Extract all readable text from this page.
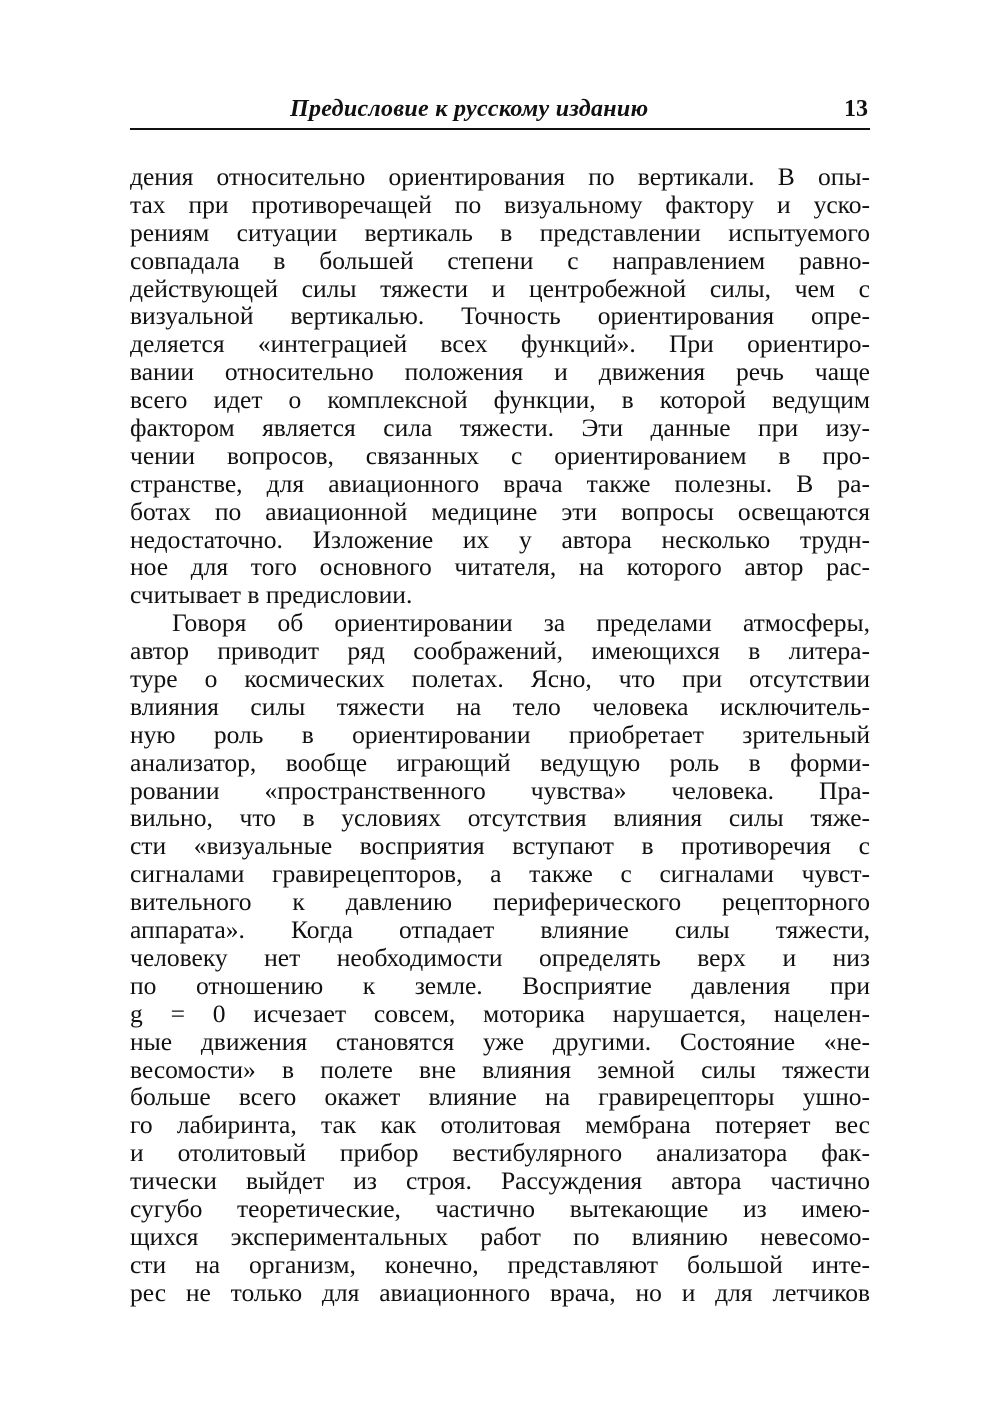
Предисловие к русскому изданию	13
дения относительно ориентирования по вертикали. В опы-
тах при противоречащей по визуальному фактору и уско-
рениям ситуации вертикаль в представлении испытуемого
совпадала в большей степени с направлением равно-
действующей силы тяжести и центробежной силы, чем с
визуальной вертикалью. Точность ориентирования опре-
деляется «интеграцией всех функций». При ориентиро-
вании относительно положения и движения речь чаще
всего идет о комплексной функции, в которой ведущим
фактором является сила тяжести. Эти данные при изу-
чении вопросов, связанных с ориентированием в про-
странстве, для авиационного врача также полезны. В ра-
ботах по авиационной медицине эти вопросы освещаются
недостаточно. Изложение их у автора несколько трудн-
ное для того основного читателя, на которого автор рас-
считывает в предисловии.
Говоря об ориентировании за пределами атмосферы,
автор приводит ряд соображений, имеющихся в литера-
туре о космических полетах. Ясно, что при отсутствии
влияния силы тяжести на тело человека исключитель-
ную роль в ориентировании приобретает зрительный
анализатор, вообще играющий ведущую роль в форми-
ровании «пространственного чувства» человека. Пра-
вильно, что в условиях отсутствия влияния силы тяже-
сти «визуальные восприятия вступают в противоречия с
сигналами гравирецепторов, а также с сигналами чувст-
вительного к давлению периферического рецепторного
аппарата». Когда отпадает влияние силы тяжести,
человеку нет необходимости определять верх и низ
по отношению к земле. Восприятие давления при
g = 0 исчезает совсем, моторика нарушается, нацелен-
ные движения становятся уже другими. Состояние «не-
весомости» в полете вне влияния земной силы тяжести
больше всего окажет влияние на гравирецепторы ушно-
го лабиринта, так как отолитовая мембрана потеряет вес
и отолитовый прибор вестибулярного анализатора фак-
тически выйдет из строя. Рассуждения автора частично
сугубо теоретические, частично вытекающие из имею-
щихся экспериментальных работ по влиянию невесомо-
сти на организм, конечно, представляют большой инте-
рес не только для авиационного врача, но и для летчиков
